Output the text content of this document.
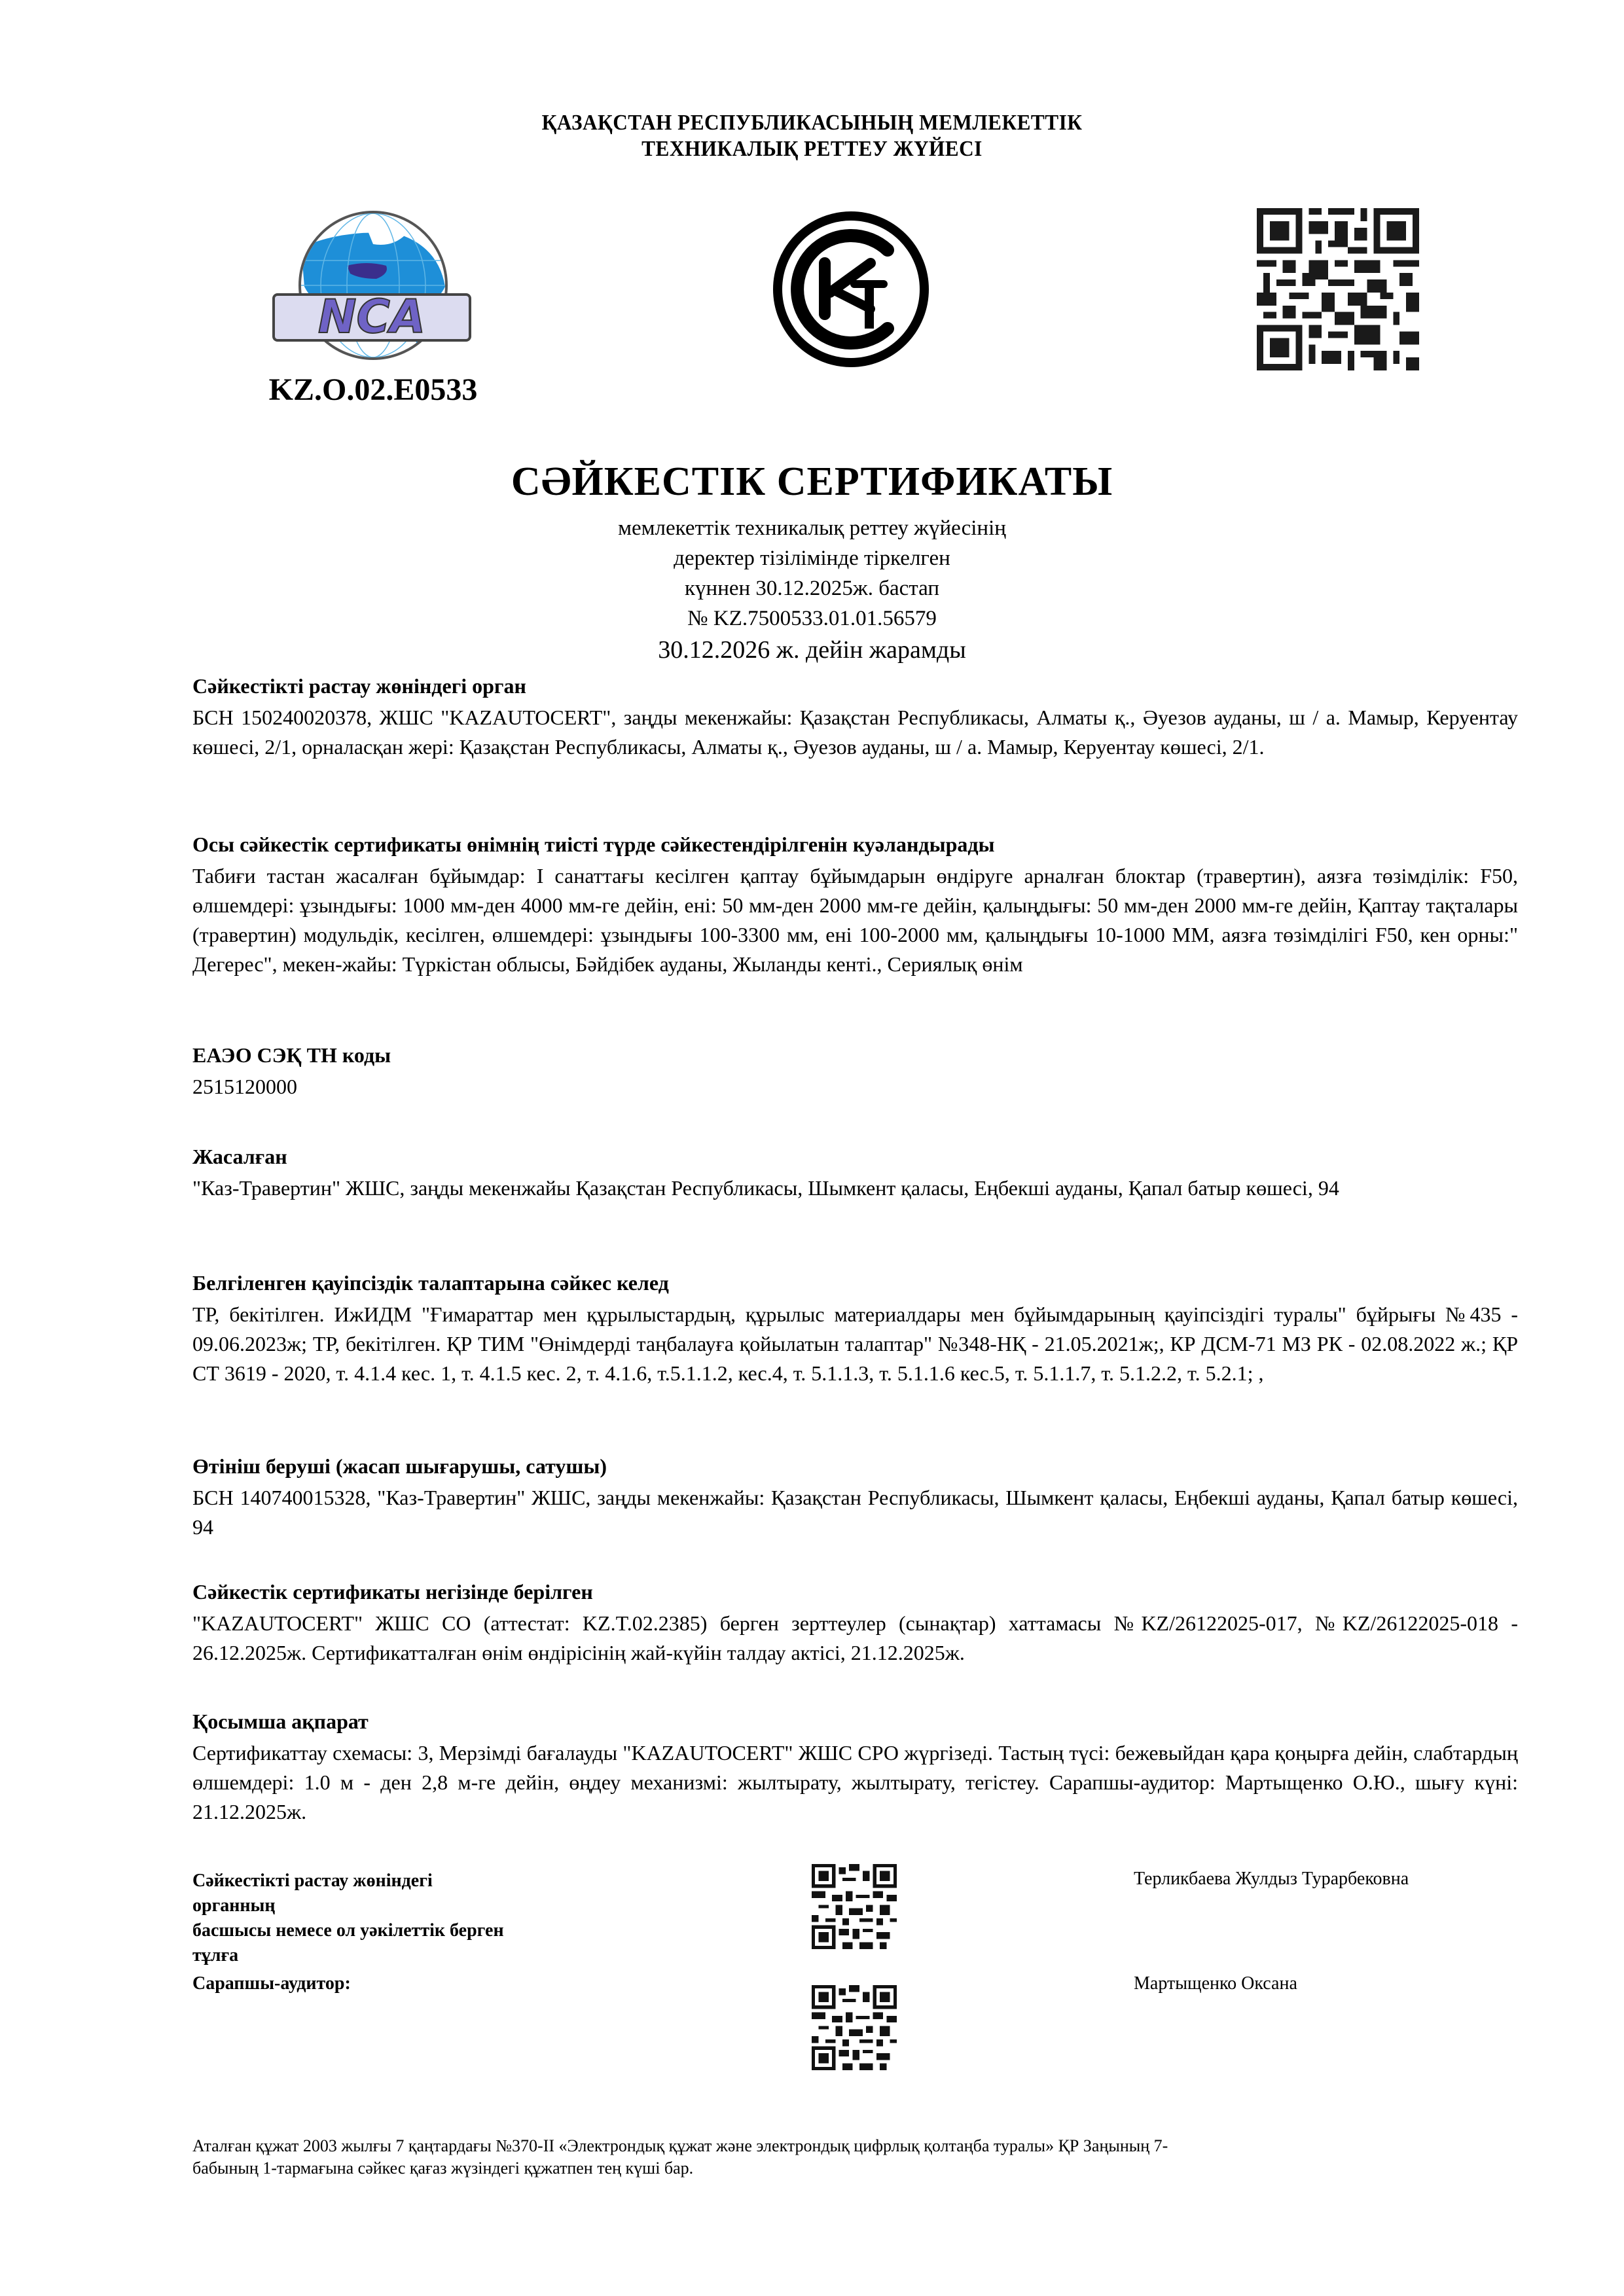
ҚАЗАҚСТАН РЕСПУБЛИКАСЫНЫҢ МЕМЛЕКЕТТІК
ТЕХНИКАЛЫҚ РЕТТЕУ ЖҮЙЕСІ
NCA
KZ.O.02.E0533
СӘЙКЕСТІК СЕРТИФИКАТЫ
мемлекеттік техникалық реттеу жүйесінің
деректер тізілімінде тіркелген
күннен 30.12.2025ж. бастап
№ KZ.7500533.01.01.56579
30.12.2026 ж. дейін жарамды
Сәйкестікті растау жөніндегі орган

БСН 150240020378, ЖШС "KAZAUTOCERT", заңды мекенжайы: Қазақстан Республикасы, Алматы қ., Әуезов ауданы, ш / а. Мамыр, Керуентау көшесі, 2/1, орналасқан жері: Қазақстан Республикасы, Алматы қ., Әуезов ауданы, ш / а. Мамыр, Керуентау көшесі, 2/1.

Осы сәйкестік сертификаты өнімнің тиісті түрде сәйкестендірілгенін куәландырады

Табиғи тастан жасалған бұйымдар: I санаттағы кесілген қаптау бұйымдарын өндіруге арналған блоктар (травертин), аязға төзімділік: F50, өлшемдері: ұзындығы: 1000 мм-ден 4000 мм-ге дейін, ені: 50 мм-ден 2000 мм-ге дейін, қалыңдығы: 50 мм-ден 2000 мм-ге дейін, Қаптау тақталары (травертин) модульдік, кесілген, өлшемдері: ұзындығы 100-3300 мм, ені 100-2000 мм, қалыңдығы 10-1000 ММ, аязға төзімділігі F50, кен орны:" Дегерес", мекен-жайы: Түркістан облысы, Бәйдібек ауданы, Жыланды кенті., Сериялық өнім

ЕАЭО СЭҚ ТН коды

2515120000

Жасалған

"Каз-Травертин" ЖШС, заңды мекенжайы Қазақстан Республикасы, Шымкент қаласы, Еңбекші ауданы, Қапал батыр көшесі, 94

Белгіленген қауіпсіздік талаптарына сәйкес келед

ТР, бекітілген. ИжИДМ "Ғимараттар мен құрылыстардың, құрылыс материалдары мен бұйымдарының қауіпсіздігі туралы" бұйрығы №435 - 09.06.2023ж; ТР, бекітілген. ҚР ТИМ "Өнімдерді таңбалауға қойылатын талаптар" №348-НҚ - 21.05.2021ж;, КР ДСМ-71 МЗ РК - 02.08.2022 ж.; ҚР СТ 3619 - 2020, т. 4.1.4 кес. 1, т. 4.1.5 кес. 2, т. 4.1.6, т.5.1.1.2, кес.4, т. 5.1.1.3, т. 5.1.1.6 кес.5, т. 5.1.1.7, т. 5.1.2.2, т. 5.2.1; ,

Өтініш беруші (жасап шығарушы, сатушы)

БСН 140740015328, "Каз-Травертин" ЖШС, заңды мекенжайы: Қазақстан Республикасы, Шымкент қаласы, Еңбекші ауданы, Қапал батыр көшесі, 94

Сәйкестік сертификаты негізінде берілген

"KAZAUTOCERT" ЖШС СО (аттестат: KZ.T.02.2385) берген зерттеулер (сынақтар) хаттамасы №KZ/26122025-017, №KZ/26122025-018 - 26.12.2025ж. Сертификатталған өнім өндірісінің жай-күйін талдау актісі, 21.12.2025ж.

Қосымша ақпарат

Сертификаттау схемасы: 3, Мерзімді бағалауды "KAZAUTOCERT" ЖШС СРО жүргізеді. Тастың түсі: бежевыйдан қара қоңырға дейін, слабтардың өлшемдері: 1.0 м - ден 2,8 м-ге дейін, өңдеу механизмі: жылтырату, жылтырату, тегістеу. Сарапшы-аудитор: Мартыщенко О.Ю., шығу күні: 21.12.2025ж.

Сәйкестікті растау жөніндегі
органның
басшысы немесе ол уәкілеттік берген
тұлға
Терликбаева Жулдыз Турарбековна
Сарапшы-аудитор:	Мартыщенко Оксана
Аталған құжат 2003 жылғы 7 қаңтардағы №370-II «Электрондық құжат және электрондық цифрлық қолтаңба туралы» ҚР Заңының 7-
бабының 1-тармағына сәйкес қағаз жүзіндегі құжатпен тең күші бар.
